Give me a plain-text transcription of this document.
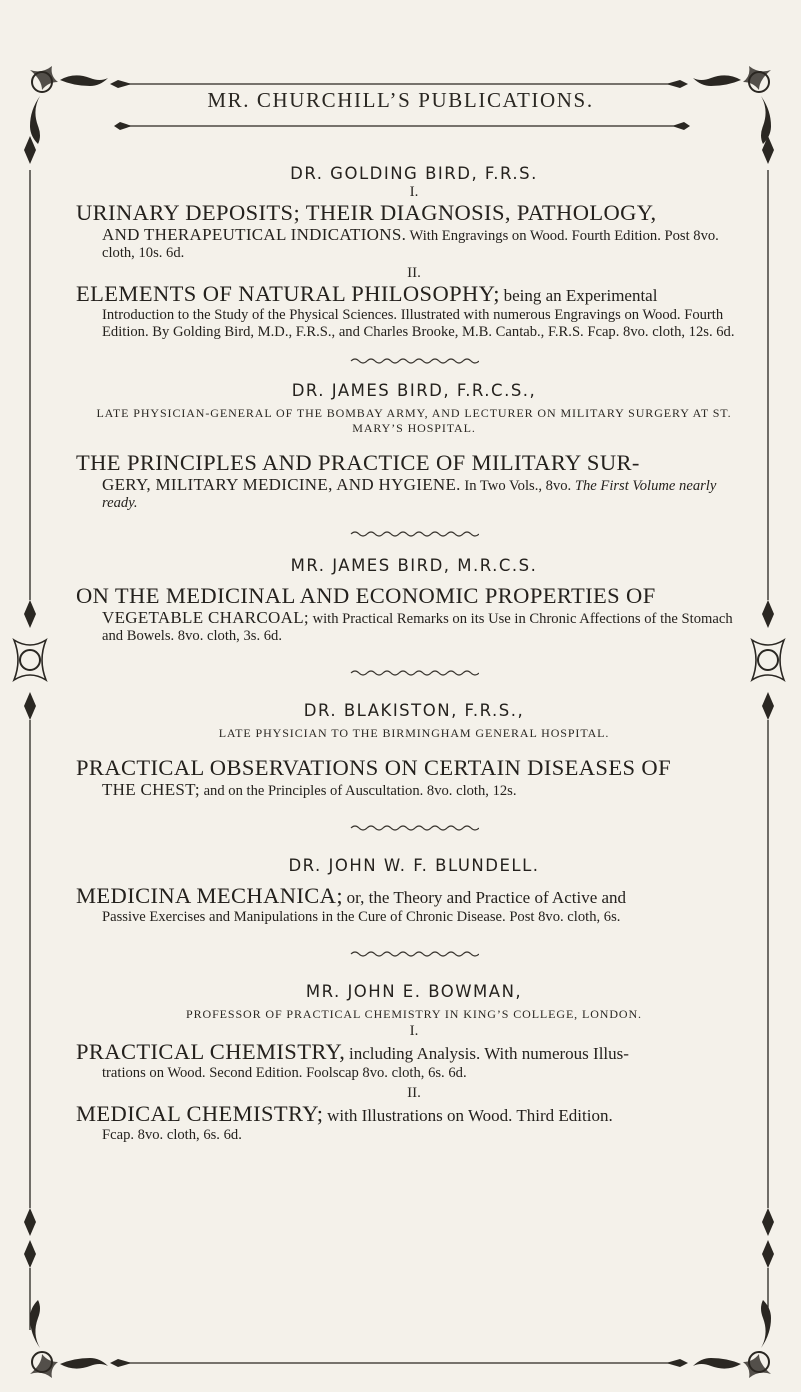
MR. CHURCHILL’S PUBLICATIONS.

DR. GOLDING BIRD, F.R.S.

I.

URINARY DEPOSITS; THEIR DIAGNOSIS, PATHOLOGY,
AND THERAPEUTICAL INDICATIONS. With Engravings on Wood. Fourth Edition. Post 8vo. cloth, 10s. 6d.

II.

ELEMENTS OF NATURAL PHILOSOPHY; being an Experimental
Introduction to the Study of the Physical Sciences. Illustrated with numerous Engravings on Wood. Fourth Edition. By Golding Bird, M.D., F.R.S., and Charles Brooke, M.B. Cantab., F.R.S. Fcap. 8vo. cloth, 12s. 6d.

DR. JAMES BIRD, F.R.C.S.,

LATE PHYSICIAN-GENERAL OF THE BOMBAY ARMY, AND LECTURER ON MILITARY SURGERY AT ST. MARY’S HOSPITAL.

THE PRINCIPLES AND PRACTICE OF MILITARY SUR-
GERY, MILITARY MEDICINE, AND HYGIENE. In Two Vols., 8vo. The First Volume nearly ready.

MR. JAMES BIRD, M.R.C.S.

ON THE MEDICINAL AND ECONOMIC PROPERTIES OF
VEGETABLE CHARCOAL; with Practical Remarks on its Use in Chronic Affections of the Stomach and Bowels. 8vo. cloth, 3s. 6d.

DR. BLAKISTON, F.R.S.,

LATE PHYSICIAN TO THE BIRMINGHAM GENERAL HOSPITAL.

PRACTICAL OBSERVATIONS ON CERTAIN DISEASES OF
THE CHEST; and on the Principles of Auscultation. 8vo. cloth, 12s.

DR. JOHN W. F. BLUNDELL.

MEDICINA MECHANICA; or, the Theory and Practice of Active and
Passive Exercises and Manipulations in the Cure of Chronic Disease. Post 8vo. cloth, 6s.

MR. JOHN E. BOWMAN,

PROFESSOR OF PRACTICAL CHEMISTRY IN KING’S COLLEGE, LONDON.

I.

PRACTICAL CHEMISTRY, including Analysis. With numerous Illus-
trations on Wood. Second Edition. Foolscap 8vo. cloth, 6s. 6d.

II.

MEDICAL CHEMISTRY; with Illustrations on Wood. Third Edition.
Fcap. 8vo. cloth, 6s. 6d.
